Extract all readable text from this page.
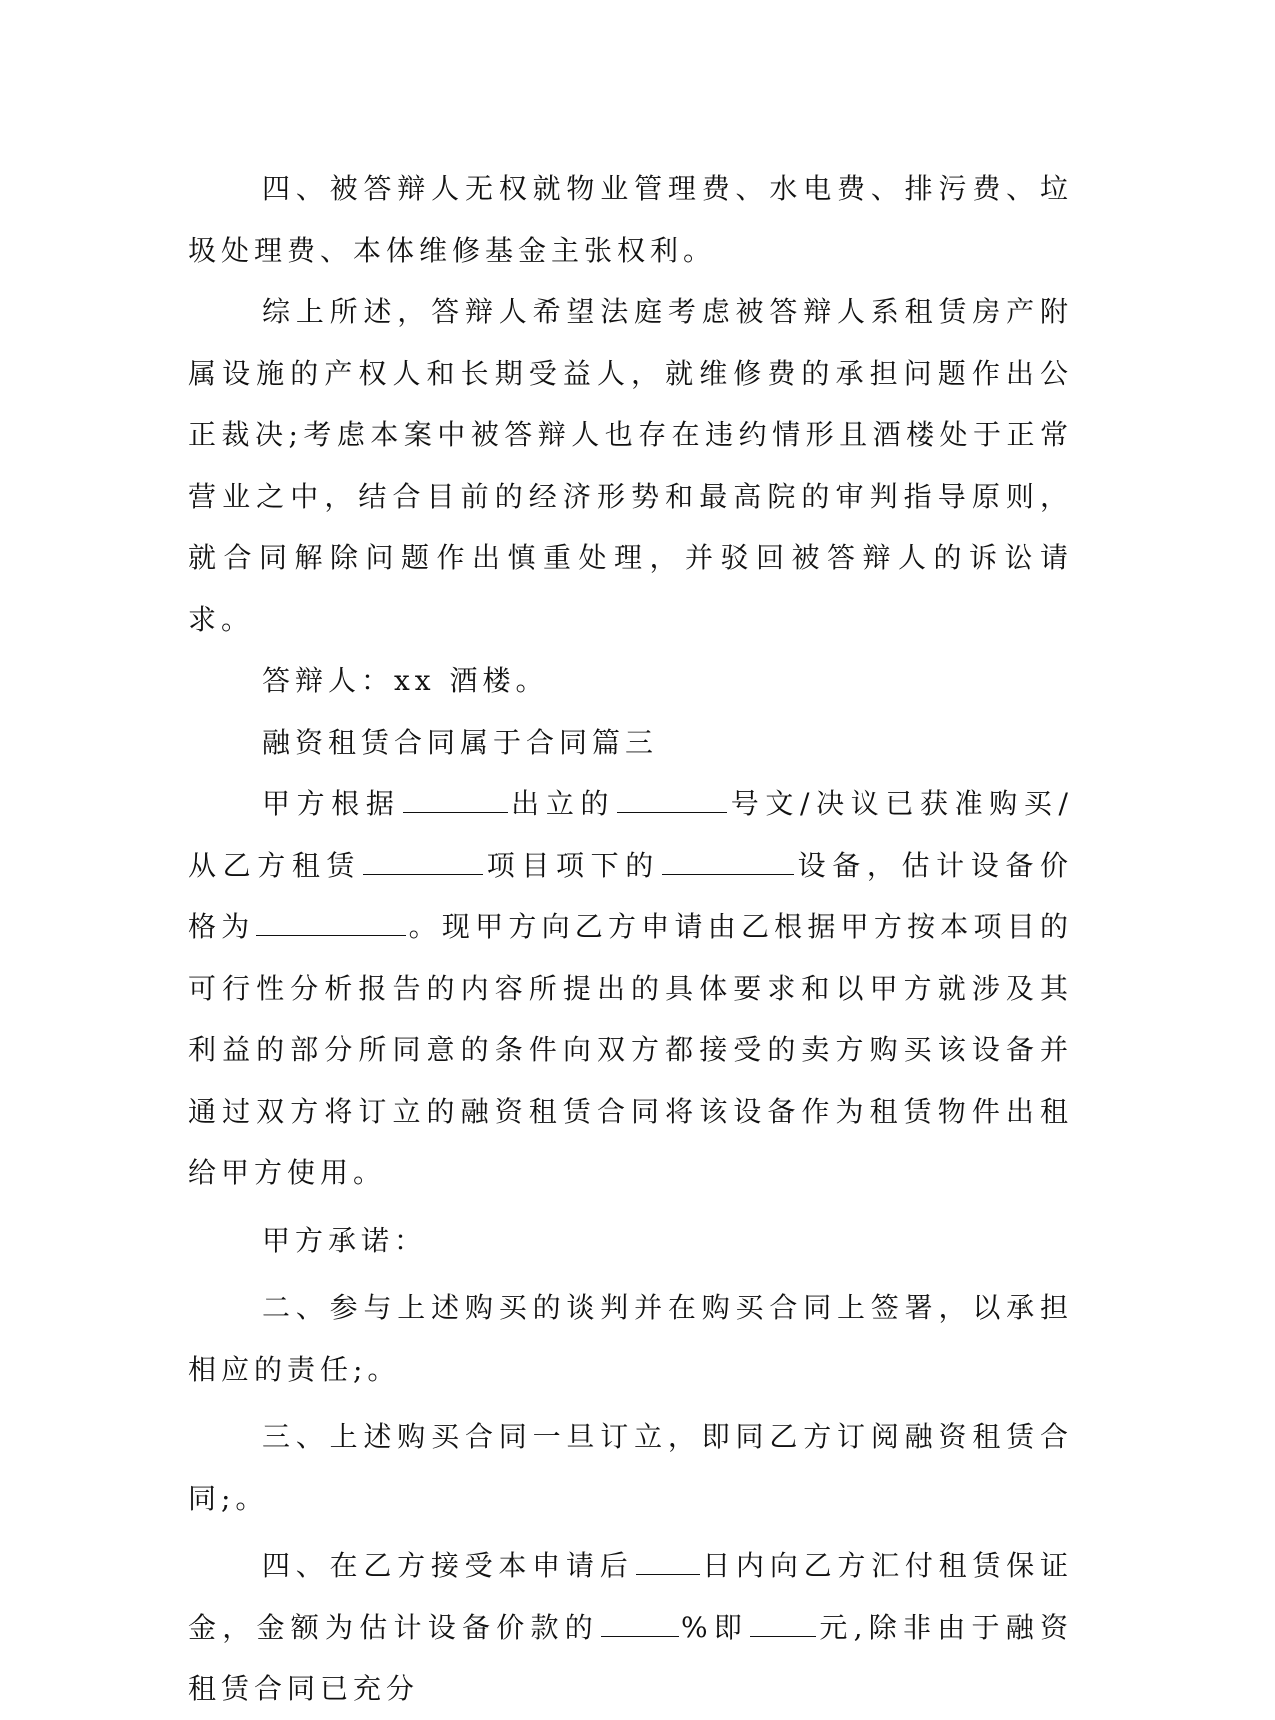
四、被答辩人无权就物业管理费、水电费、排污费、垃圾处理费、本体维修基金主张权利。

综上所述，答辩人希望法庭考虑被答辩人系租赁房产附属设施的产权人和长期受益人，就维修费的承担问题作出公正裁决;考虑本案中被答辩人也存在违约情形且酒楼处于正常营业之中，结合目前的经济形势和最高院的审判指导原则，就合同解除问题作出慎重处理，并驳回被答辩人的诉讼请求。

答辩人：xx 酒楼。

融资租赁合同属于合同篇三

甲方根据	出立的	号文/决议已获准购买/从乙方租赁	项目项下的	设备，估计设备价格为	。现甲方向乙方申请由乙根据甲方按本项目的可行性分析报告的内容所提出的具体要求和以甲方就涉及其利益的部分所同意的条件向双方都接受的卖方购买该设备并通过双方将订立的融资租赁合同将该设备作为租赁物件出租给甲方使用。

甲方承诺：

二、参与上述购买的谈判并在购买合同上签署，以承担相应的责任;。

三、上述购买合同一旦订立，即同乙方订阅融资租赁合同;。

四、在乙方接受本申请后 日内向乙方汇付租赁保证金，金额为估计设备价款的	%即	元,除非由于融资租赁合同已充分
